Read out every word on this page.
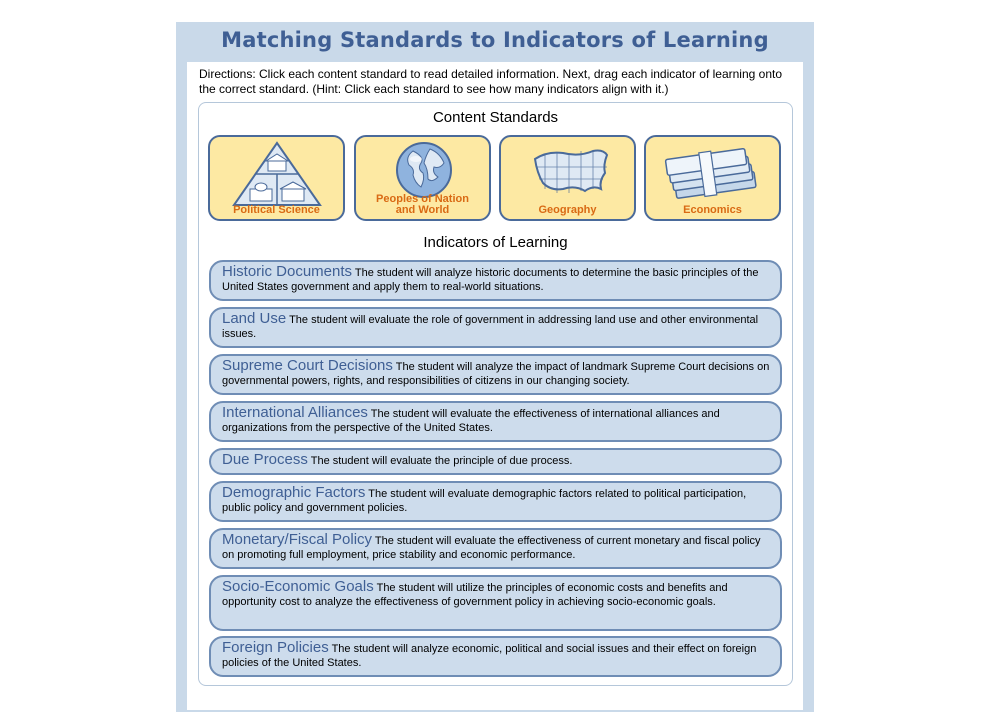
Matching Standards to Indicators of Learning
Directions: Click each content standard to read detailed information. Next, drag each indicator of learning onto the correct standard. (Hint: Click each standard to see how many indicators align with it.)
Content Standards
Political Science
Peoples of Nation
and World	Geography	Economics
Indicators of Learning
Historic Documents The student will analyze historic documents to determine the basic principles of the United States government and apply them to real-world situations.
Land Use The student will evaluate the role of government in addressing land use and other environmental issues.
Supreme Court Decisions The student will analyze the impact of landmark Supreme Court decisions on governmental powers, rights, and responsibilities of citizens in our changing society.
International Alliances The student will evaluate the effectiveness of international alliances and organizations from the perspective of the United States.
Due Process The student will evaluate the principle of due process.
Demographic Factors The student will evaluate demographic factors related to political participation, public policy and government policies.
Monetary/Fiscal Policy The student will evaluate the effectiveness of current monetary and fiscal policy on promoting full employment, price stability and economic performance.
Socio-Economic Goals The student will utilize the principles of economic costs and benefits and opportunity cost to analyze the effectiveness of government policy in achieving socio-economic goals.
Foreign Policies The student will analyze economic, political and social issues and their effect on foreign policies of the United States.
